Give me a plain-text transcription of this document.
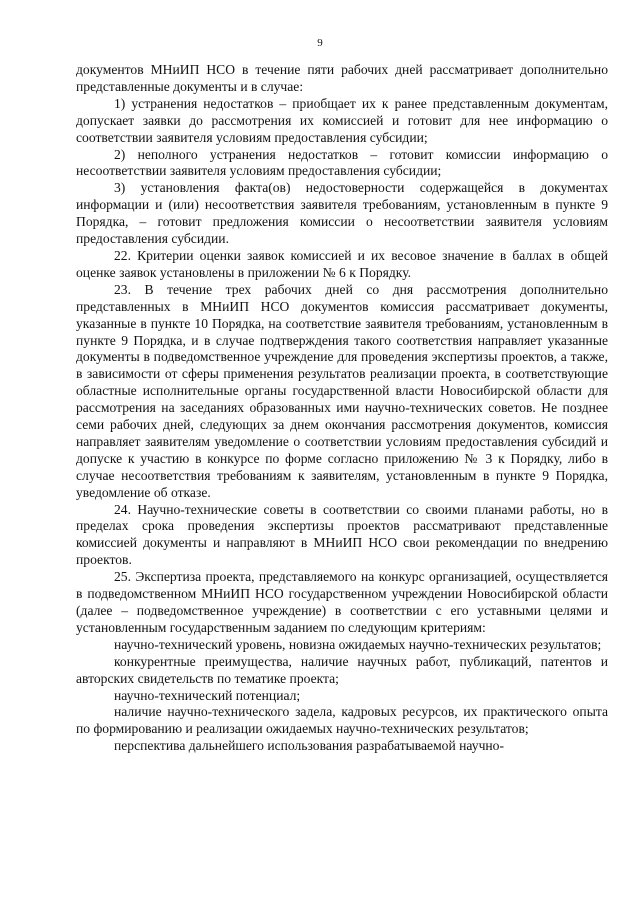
9

документов МНиИП НСО в течение пяти рабочих дней рассматривает дополнительно представленные документы и в случае:

1) устранения недостатков – приобщает их к ранее представленным документам, допускает заявки до рассмотрения их комиссией и готовит для нее информацию о соответствии заявителя условиям предоставления субсидии;

2) неполного устранения недостатков – готовит комиссии информацию о несоответствии заявителя условиям предоставления субсидии;

3) установления факта(ов) недостоверности содержащейся в документах информации и (или) несоответствия заявителя требованиям, установленным в пункте 9 Порядка, – готовит предложения комиссии о несоответствии заявителя условиям предоставления субсидии.

22. Критерии оценки заявок комиссией и их весовое значение в баллах в общей оценке заявок установлены в приложении № 6 к Порядку.

23. В течение трех рабочих дней со дня рассмотрения дополнительно представленных в МНиИП НСО документов комиссия рассматривает документы, указанные в пункте 10 Порядка, на соответствие заявителя требованиям, установленным в пункте 9 Порядка, и в случае подтверждения такого соответствия направляет указанные документы в подведомственное учреждение для проведения экспертизы проектов, а также, в зависимости от сферы применения результатов реализации проекта, в соответствующие областные исполнительные органы государственной власти Новосибирской области для рассмотрения на заседаниях образованных ими научно-технических советов. Не позднее семи рабочих дней, следующих за днем окончания рассмотрения документов, комиссия направляет заявителям уведомление о соответствии условиям предоставления субсидий и допуске к участию в конкурсе по форме согласно приложению № 3 к Порядку, либо в случае несоответствия требованиям к заявителям, установленным в пункте 9 Порядка, уведомление об отказе.

24. Научно-технические советы в соответствии со своими планами работы, но в пределах срока проведения экспертизы проектов рассматривают представленные комиссией документы и направляют в МНиИП НСО свои рекомендации по внедрению проектов.

25. Экспертиза проекта, представляемого на конкурс организацией, осуществляется в подведомственном МНиИП НСО государственном учреждении Новосибирской области (далее – подведомственное учреждение) в соответствии с его уставными целями и установленным государственным заданием по следующим критериям:

научно-технический уровень, новизна ожидаемых научно-технических результатов;

конкурентные преимущества, наличие научных работ, публикаций, патентов и авторских свидетельств по тематике проекта;

научно-технический потенциал;

наличие научно-технического задела, кадровых ресурсов, их практического опыта по формированию и реализации ожидаемых научно-технических результатов;

перспектива дальнейшего использования разрабатываемой научно-
